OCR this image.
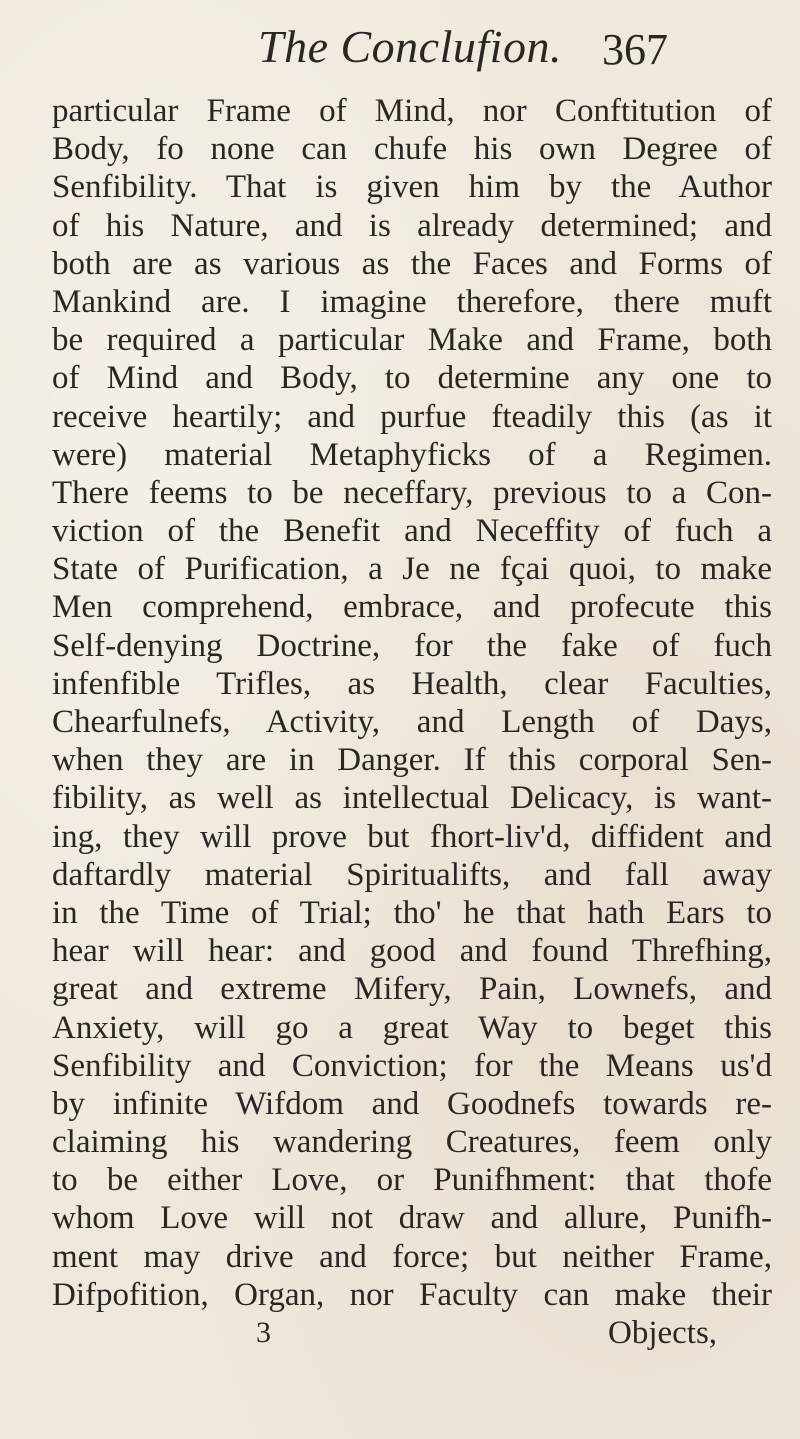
The Conclufion. 367
particular Frame of Mind, nor Conftitution of
Body, fo none can chufe his own Degree of
Senfibility. That is given him by the Author
of his Nature, and is already determined; and
both are as various as the Faces and Forms of
Mankind are. I imagine therefore, there muft
be required a particular Make and Frame, both
of Mind and Body, to determine any one to
receive heartily; and purfue fteadily this (as it
were) material Metaphyficks of a Regimen.
There feems to be neceffary, previous to a Con-
viction of the Benefit and Neceffity of fuch a
State of Purification, a Je ne fçai quoi, to make
Men comprehend, embrace, and profecute this
Self-denying Doctrine, for the fake of fuch
infenfible Trifles, as Health, clear Faculties,
Chearfulnefs, Activity, and Length of Days,
when they are in Danger. If this corporal Sen-
fibility, as well as intellectual Delicacy, is want-
ing, they will prove but fhort-liv'd, diffident and
daftardly material Spiritualifts, and fall away
in the Time of Trial; tho' he that hath Ears to
hear will hear: and good and found Threfhing,
great and extreme Mifery, Pain, Lownefs, and
Anxiety, will go a great Way to beget this
Senfibility and Conviction; for the Means us'd
by infinite Wifdom and Goodnefs towards re-
claiming his wandering Creatures, feem only
to be either Love, or Punifhment: that thofe
whom Love will not draw and allure, Punifh-
ment may drive and force; but neither Frame,
Difpofition, Organ, nor Faculty can make their
3	Objects,
